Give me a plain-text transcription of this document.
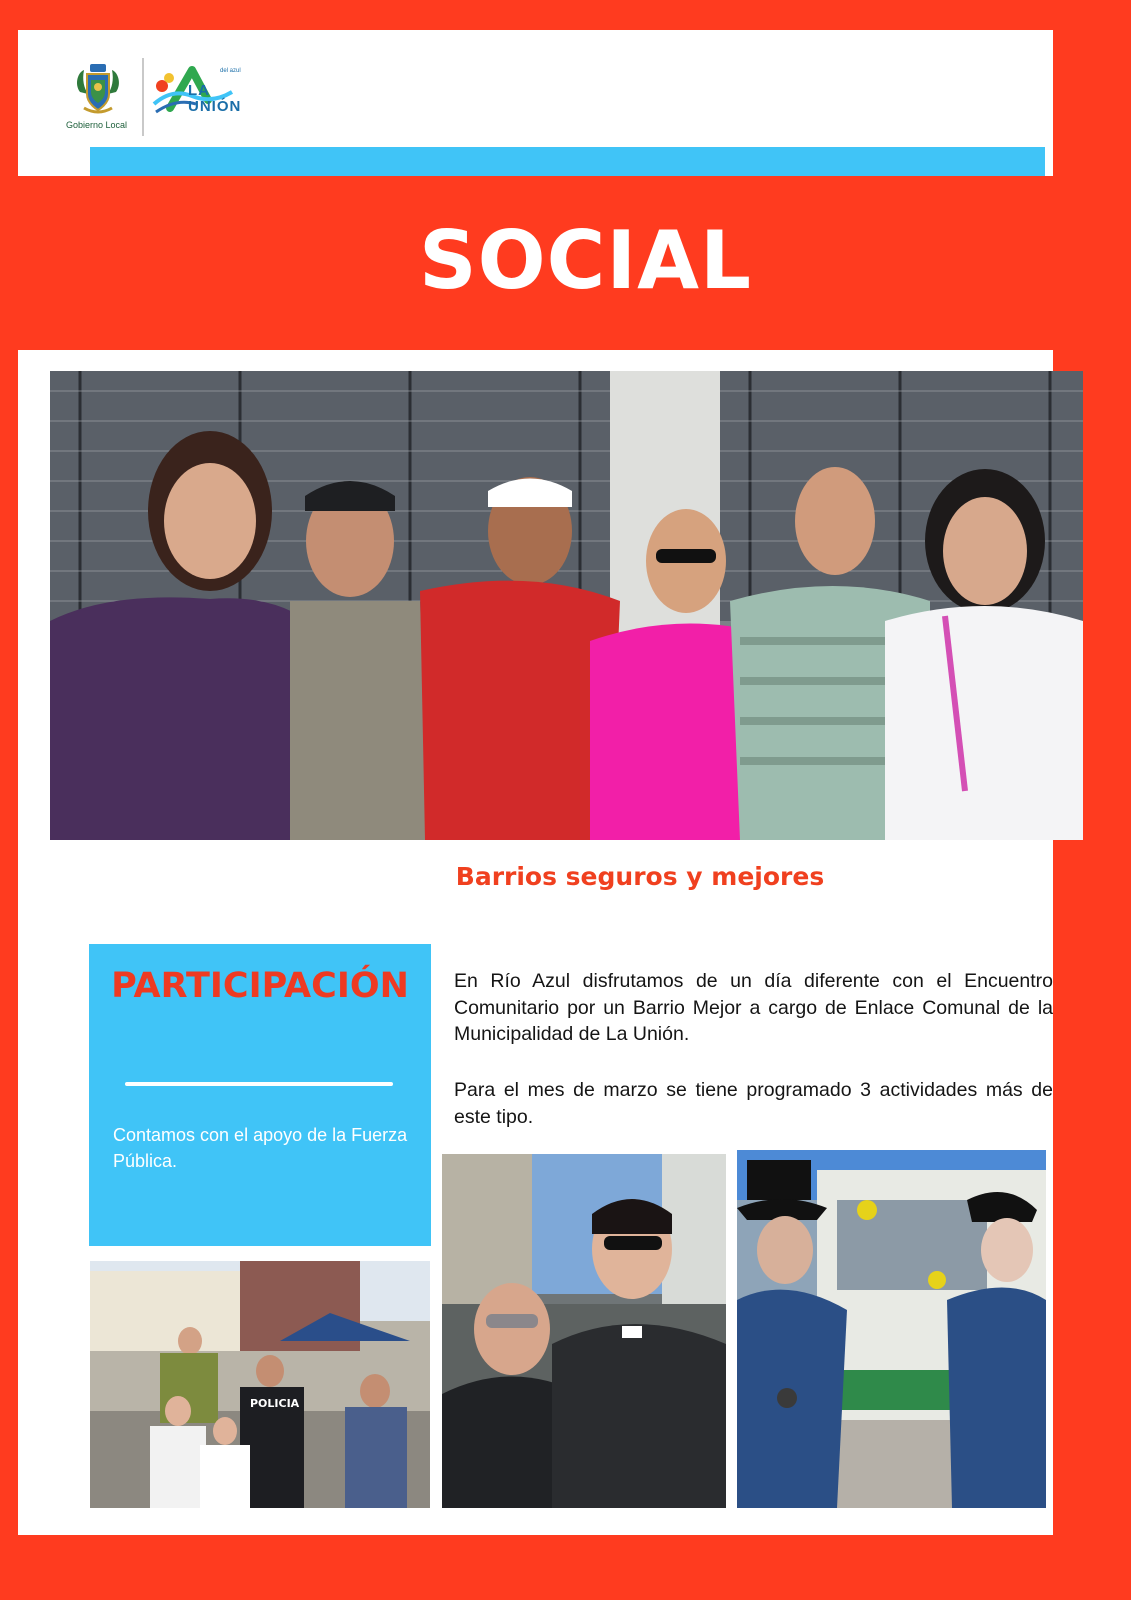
Gobierno Local
del azul
LA
UNIÓN
SOCIAL
Barrios seguros y mejores
PARTICIPACIÓN
Contamos con el apoyo de la Fuerza Pública.
En Río Azul disfrutamos de un día diferente con el Encuentro Comunitario por un Barrio Mejor a cargo de Enlace Comunal de la Municipalidad de La Unión.
Para el mes de marzo se tiene programado 3 actividades más de este tipo.
POLICIA
